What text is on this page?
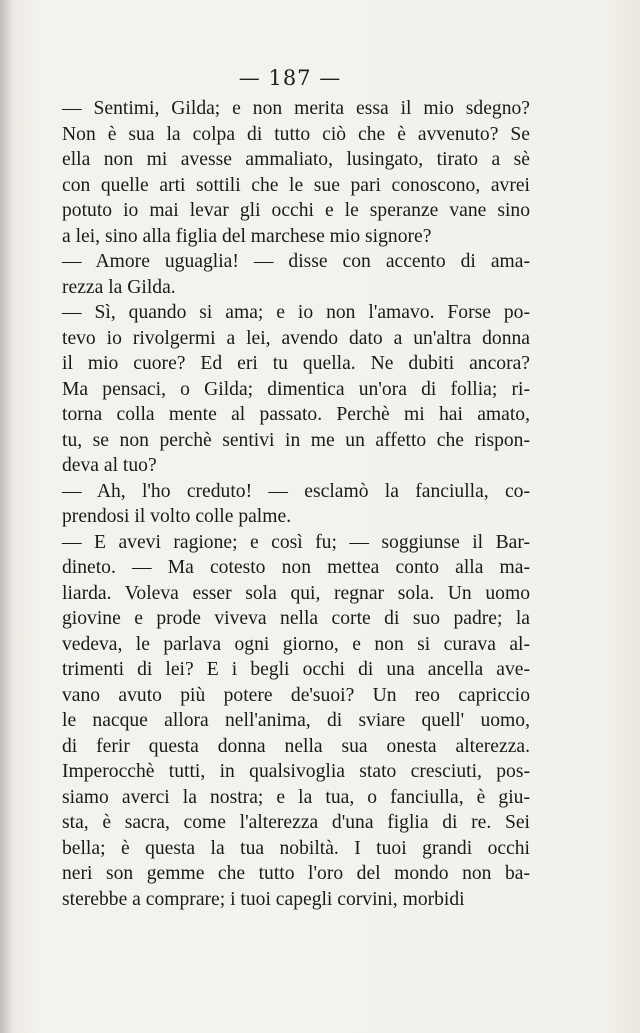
— 187 —
— Sentimi, Gilda; e non merita essa il mio sdegno?
Non è sua la colpa di tutto ciò che è avvenuto? Se
ella non mi avesse ammaliato, lusingato, tirato a sè
con quelle arti sottili che le sue pari conoscono, avrei
potuto io mai levar gli occhi e le speranze vane sino
a lei, sino alla figlia del marchese mio signore?
— Amore uguaglia! — disse con accento di ama-
rezza la Gilda.
— Sì, quando si ama; e io non l'amavo. Forse po-
tevo io rivolgermi a lei, avendo dato a un'altra donna
il mio cuore? Ed eri tu quella. Ne dubiti ancora?
Ma pensaci, o Gilda; dimentica un'ora di follia; ri-
torna colla mente al passato. Perchè mi hai amato,
tu, se non perchè sentivi in me un affetto che rispon-
deva al tuo?
— Ah, l'ho creduto! — esclamò la fanciulla, co-
prendosi il volto colle palme.
— E avevi ragione; e così fu; — soggiunse il Bar-
dineto. — Ma cotesto non mettea conto alla ma-
liarda. Voleva esser sola qui, regnar sola. Un uomo
giovine e prode viveva nella corte di suo padre; la
vedeva, le parlava ogni giorno, e non si curava al-
trimenti di lei? E i begli occhi di una ancella ave-
vano avuto più potere de'suoi? Un reo capriccio
le nacque allora nell'anima, di sviare quell' uomo,
di ferir questa donna nella sua onesta alterezza.
Imperocchè tutti, in qualsivoglia stato cresciuti, pos-
siamo averci la nostra; e la tua, o fanciulla, è giu-
sta, è sacra, come l'alterezza d'una figlia di re. Sei
bella; è questa la tua nobiltà. I tuoi grandi occhi
neri son gemme che tutto l'oro del mondo non ba-
sterebbe a comprare; i tuoi capegli corvini, morbidi
